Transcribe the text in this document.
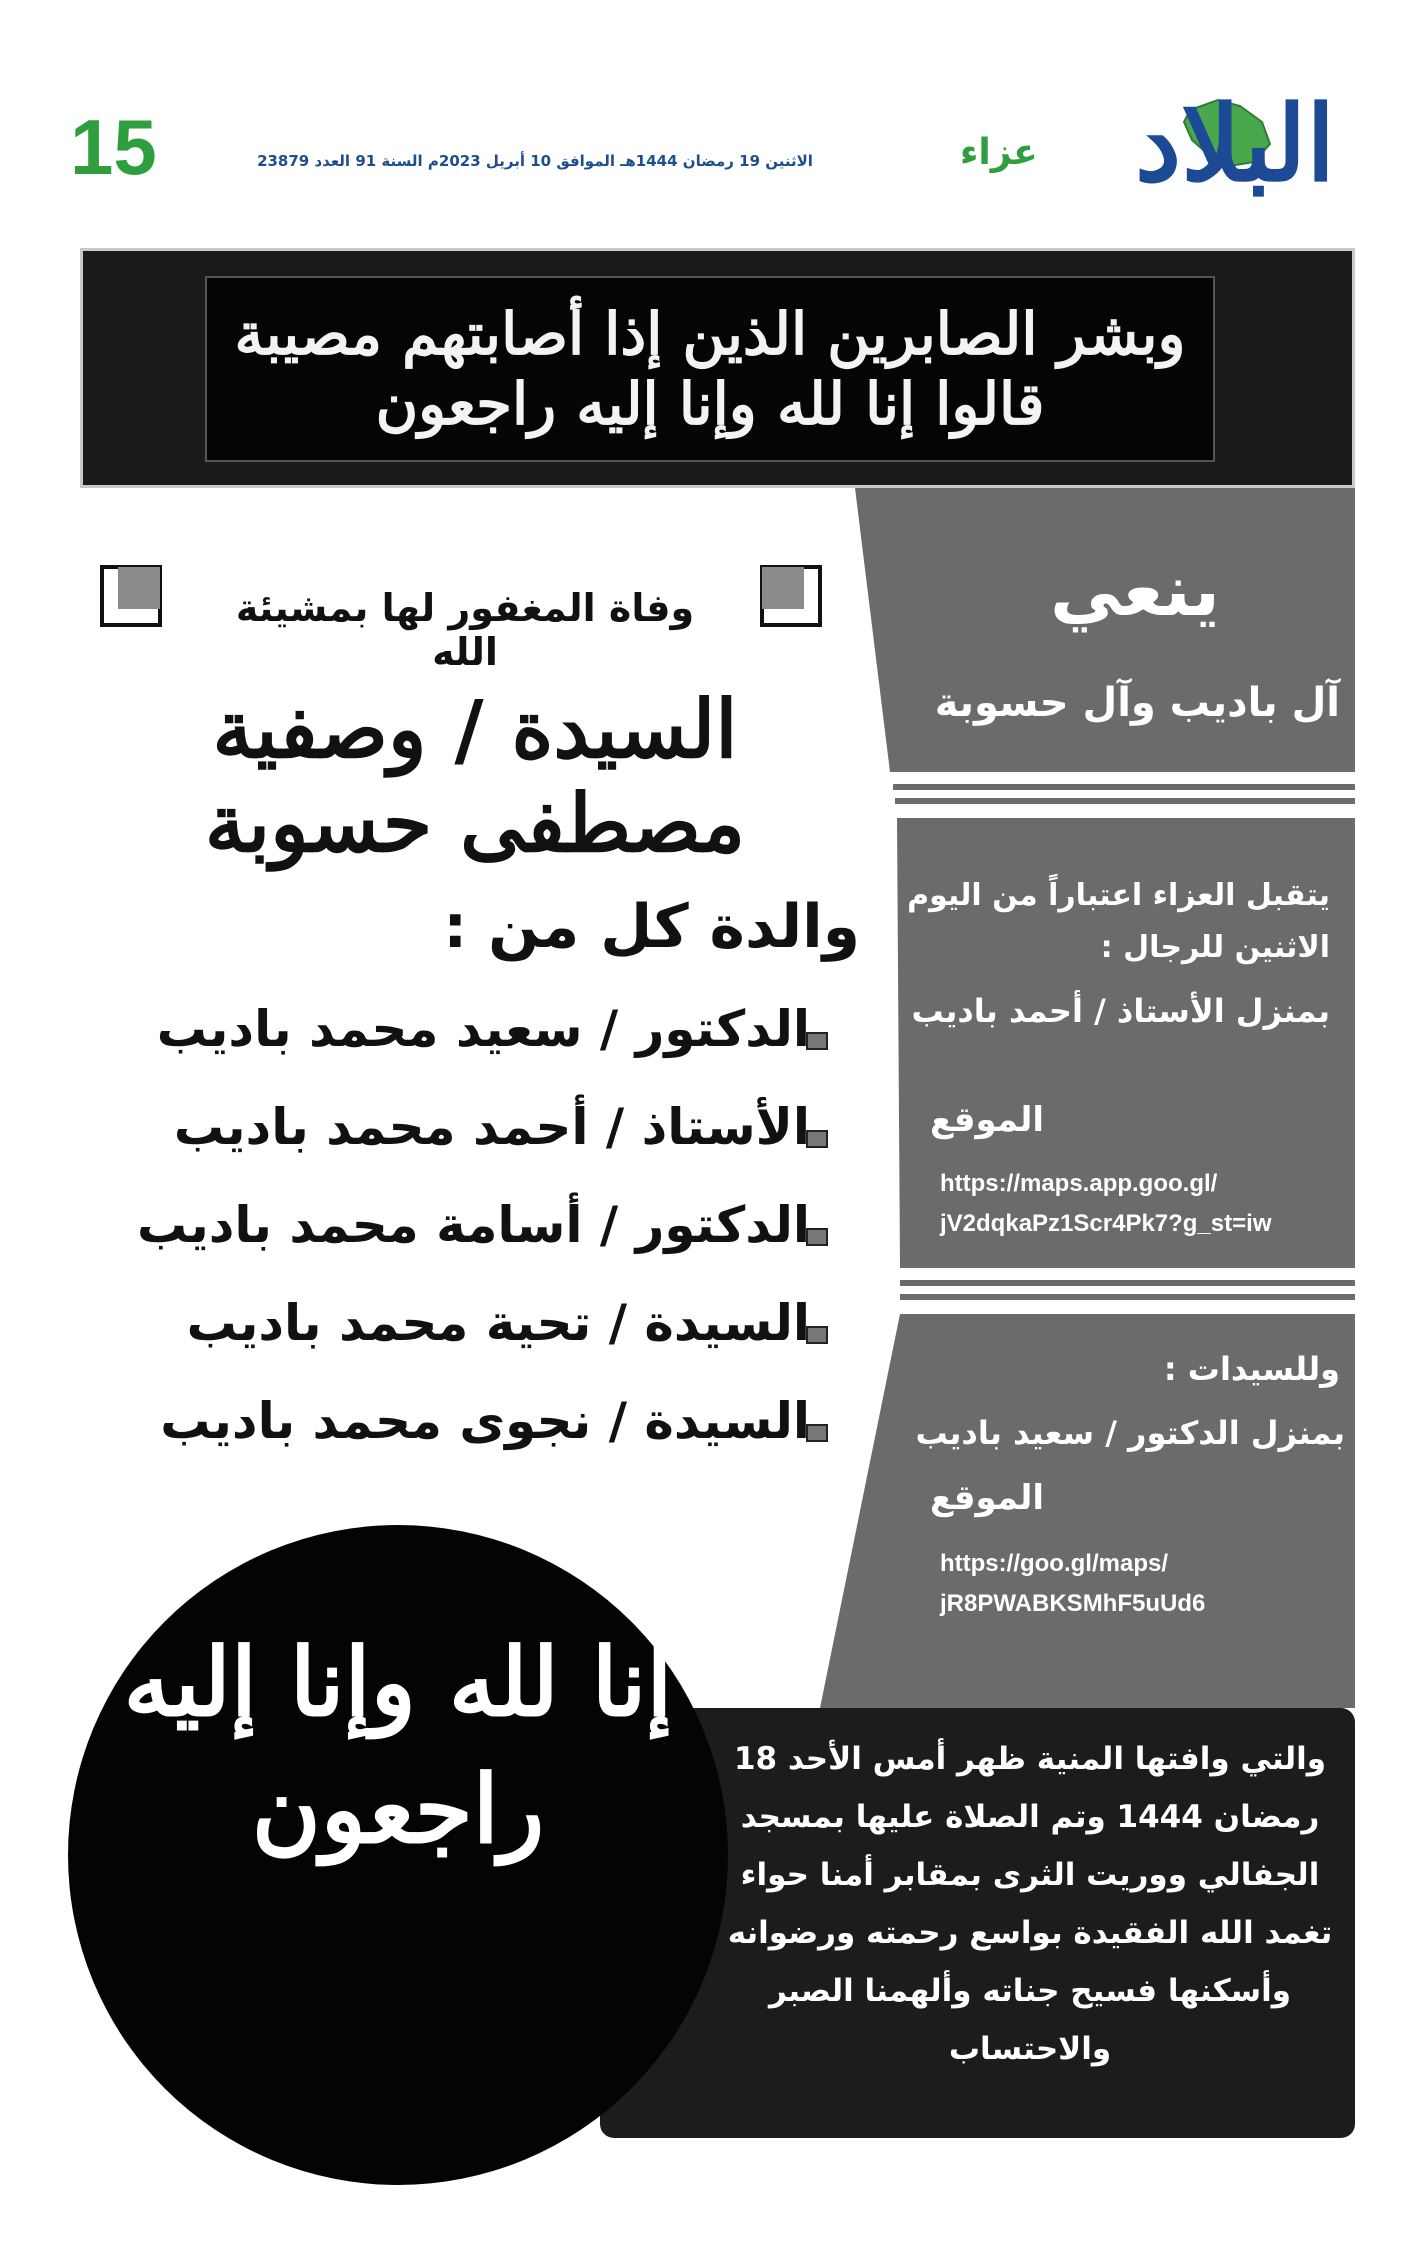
15	الاثنين 19 رمضان 1444هـ الموافق 10 أبريل 2023م السنة 91 العدد 23879	عزاء البلاد
وبشر الصابرين الذين إذا أصابتهم مصيبة قالوا إنا لله وإنا إليه راجعون
ينعي
آل باديب وآل حسوبة
يتقبل العزاء اعتباراً من اليوم الاثنين للرجال :
بمنزل الأستاذ / أحمد باديب
الموقع
https://maps.app.goo.gl/
jV2dqkaPz1Scr4Pk7?g_st=iw
وللسيدات :
بمنزل الدكتور / سعيد باديب
الموقع
https://goo.gl/maps/
jR8PWABKSMhF5uUd6
وفاة المغفور لها بمشيئة الله
السيدة / وصفية مصطفى حسوبة
والدة كل من :
الدكتور / سعيد محمد باديب
الأستاذ / أحمد محمد باديب
الدكتور / أسامة محمد باديب
السيدة / تحية محمد باديب
السيدة / نجوى محمد باديب
والتي وافتها المنية ظهر أمس الأحد 18 رمضان 1444 وتم الصلاة عليها بمسجد الجفالي ووريت الثرى بمقابر أمنا حواء تغمد الله الفقيدة بواسع رحمته ورضوانه وأسكنها فسيح جناته وألهمنا الصبر والاحتساب
إنا لله وإنا إليه راجعون
